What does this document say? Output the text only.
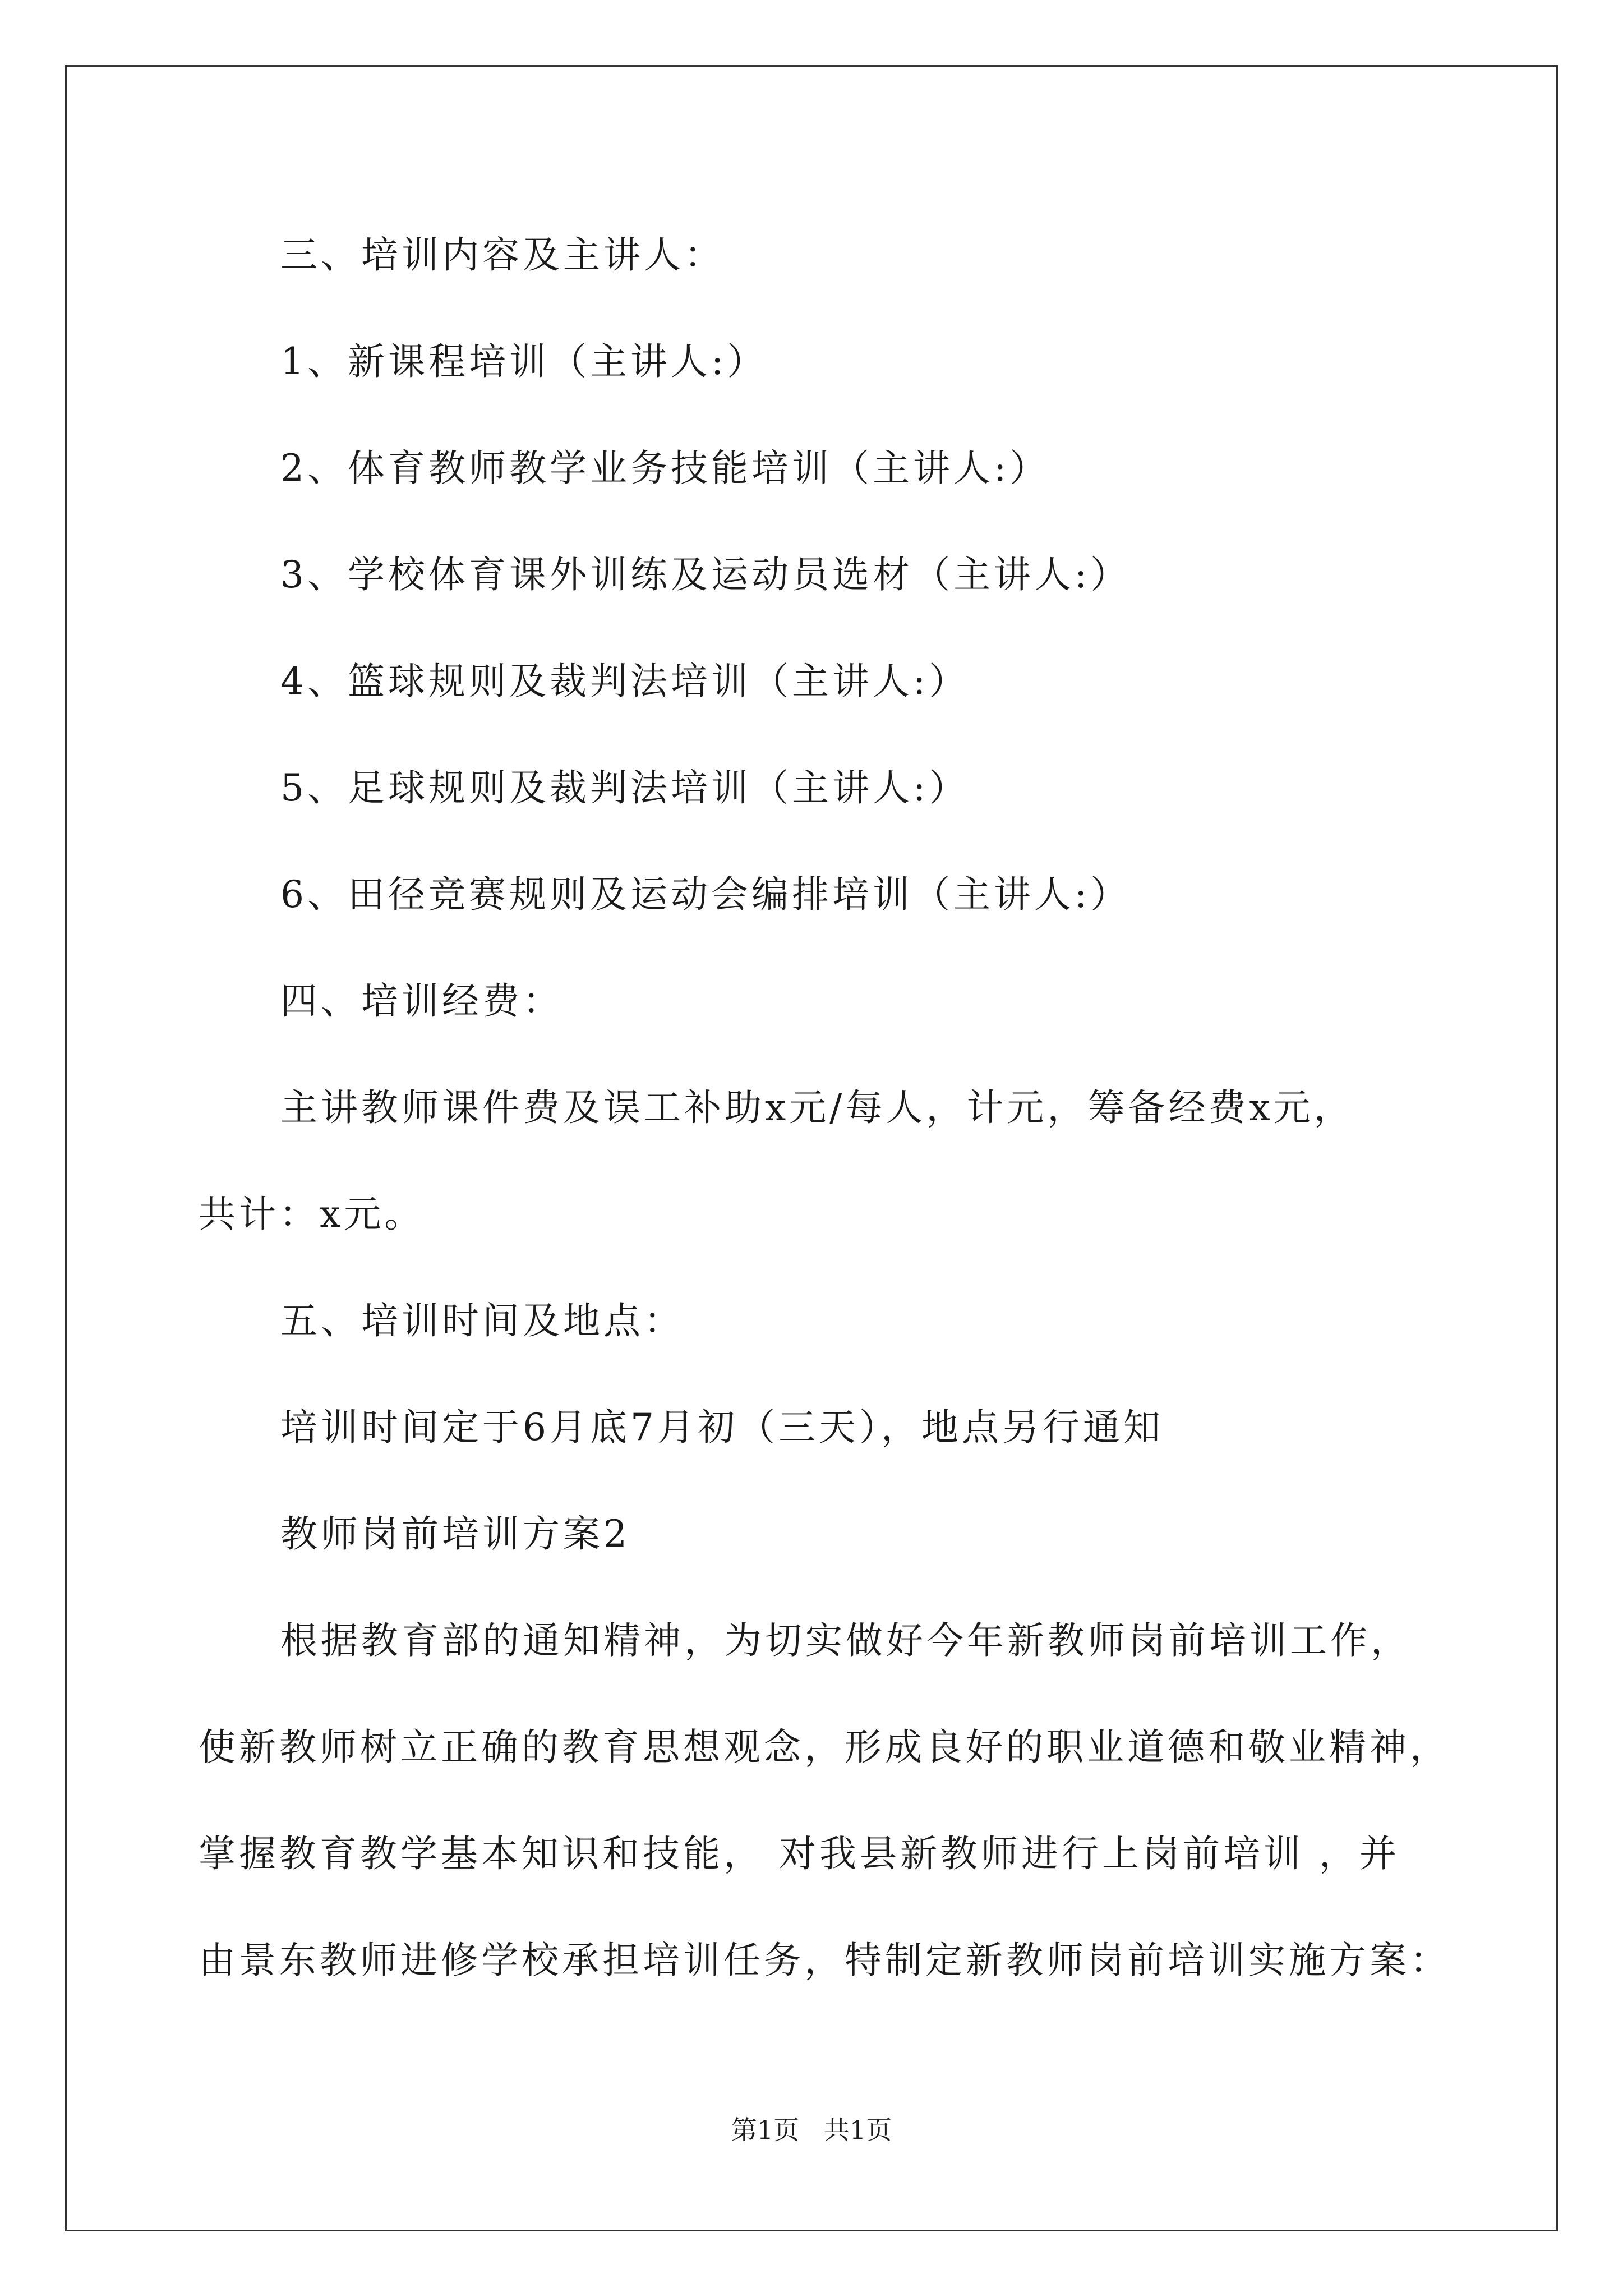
三、培训内容及主讲人：
1、新课程培训（主讲人:）
2、体育教师教学业务技能培训（主讲人:）
3、学校体育课外训练及运动员选材（主讲人:）
4、篮球规则及裁判法培训（主讲人:）
5、足球规则及裁判法培训（主讲人:）
6、田径竞赛规则及运动会编排培训（主讲人:）
四、培训经费：
主讲教师课件费及误工补助x元/每人，计元，筹备经费x元，
共计：x元。
五、培训时间及地点：
培训时间定于6月底7月初（三天），地点另行通知
教师岗前培训方案2
根据教育部的通知精神，为切实做好今年新教师岗前培训工作，
使新教师树立正确的教育思想观念，形成良好的职业道德和敬业精神，
掌握教育教学基本知识和技能， 对我县新教师进行上岗前培训 ，并
由景东教师进修学校承担培训任务，特制定新教师岗前培训实施方案：
第1页   共1页
